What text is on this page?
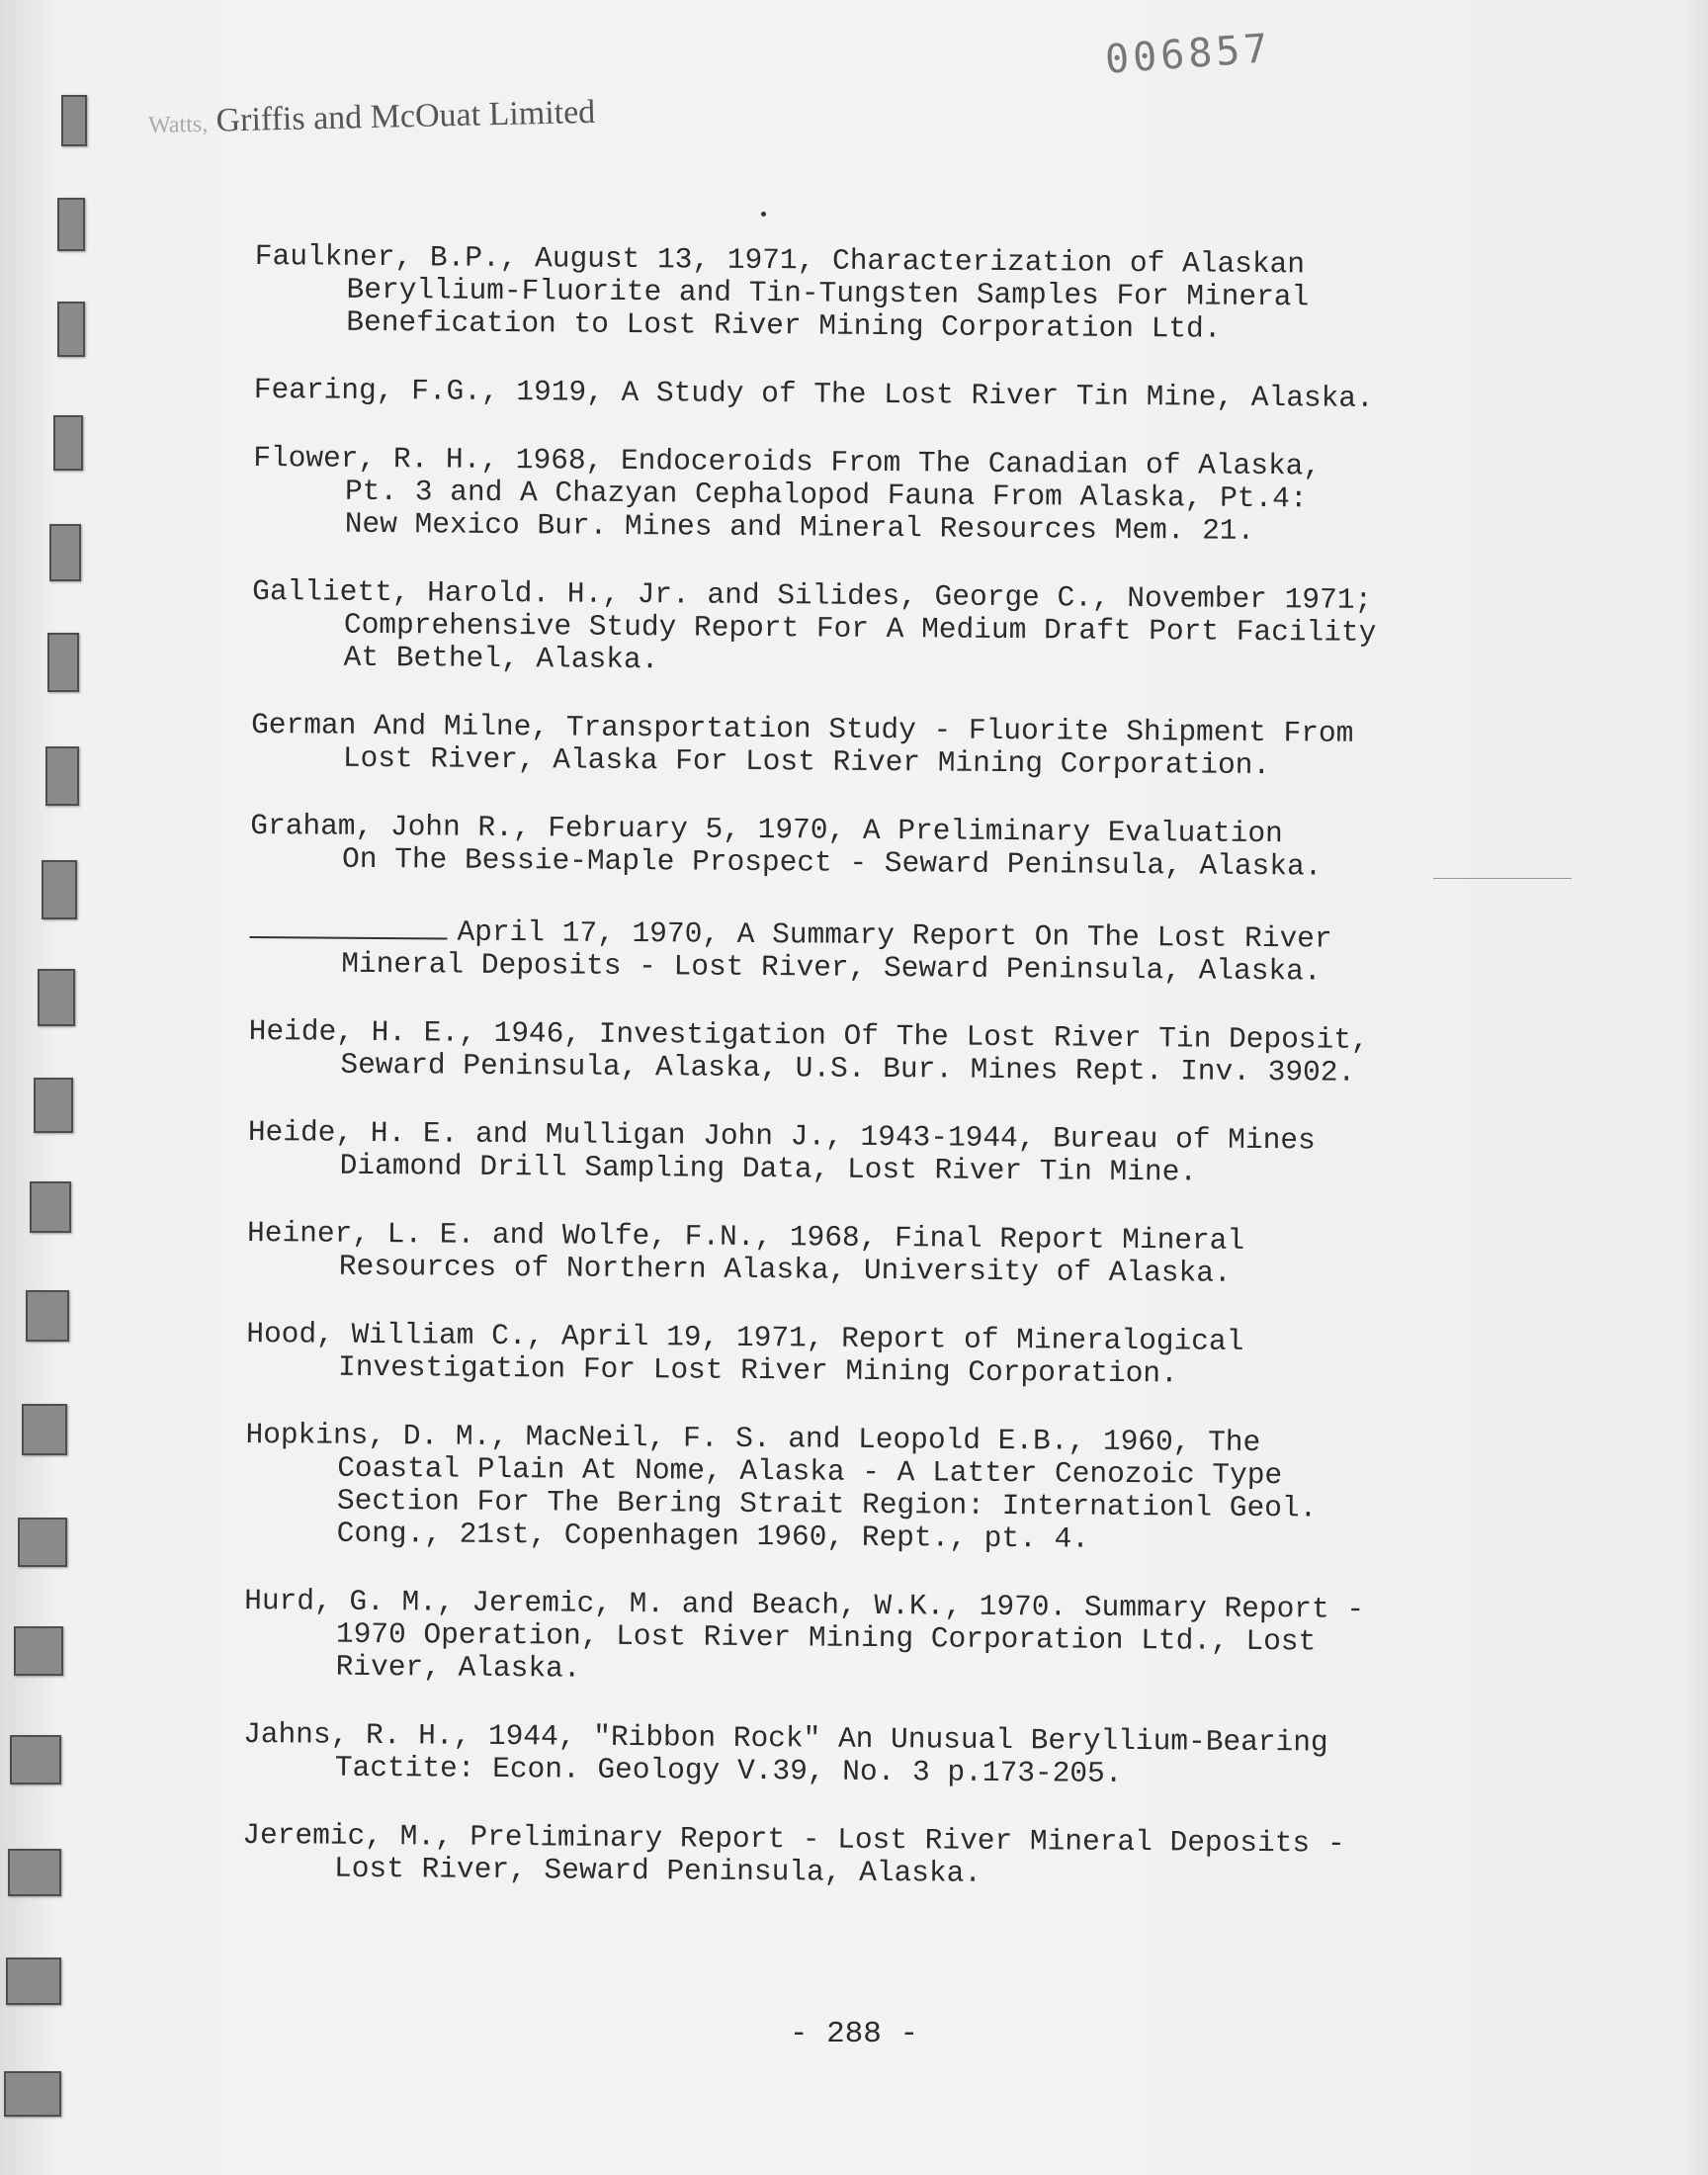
006857
Watts, Griffis and McOuat Limited
Faulkner, B.P., August 13, 1971, Characterization of Alaskan
Beryllium-Fluorite and Tin-Tungsten Samples For Mineral
Benefication to Lost River Mining Corporation Ltd.
Fearing, F.G., 1919, A Study of The Lost River Tin Mine, Alaska.
Flower, R. H., 1968, Endoceroids From The Canadian of Alaska,
Pt. 3 and A Chazyan Cephalopod Fauna From Alaska, Pt.4:
New Mexico Bur. Mines and Mineral Resources Mem. 21.
Galliett, Harold. H., Jr. and Silides, George C., November 1971;
Comprehensive Study Report For A Medium Draft Port Facility
At Bethel, Alaska.
German And Milne, Transportation Study - Fluorite Shipment From
Lost River, Alaska For Lost River Mining Corporation.
Graham, John R., February 5, 1970, A Preliminary Evaluation
On The Bessie-Maple Prospect - Seward Peninsula, Alaska.
April 17, 1970, A Summary Report On The Lost River
Mineral Deposits - Lost River, Seward Peninsula, Alaska.
Heide, H. E., 1946, Investigation Of The Lost River Tin Deposit,
Seward Peninsula, Alaska, U.S. Bur. Mines Rept. Inv. 3902.
Heide, H. E. and Mulligan John J., 1943-1944, Bureau of Mines
Diamond Drill Sampling Data, Lost River Tin Mine.
Heiner, L. E. and Wolfe, F.N., 1968, Final Report Mineral
Resources of Northern Alaska, University of Alaska.
Hood, William C., April 19, 1971, Report of Mineralogical
Investigation For Lost River Mining Corporation.
Hopkins, D. M., MacNeil, F. S. and Leopold E.B., 1960, The
Coastal Plain At Nome, Alaska - A Latter Cenozoic Type
Section For The Bering Strait Region: Internationl Geol.
Cong., 21st, Copenhagen 1960, Rept., pt. 4.
Hurd, G. M., Jeremic, M. and Beach, W.K., 1970. Summary Report -
1970 Operation, Lost River Mining Corporation Ltd., Lost
River, Alaska.
Jahns, R. H., 1944, "Ribbon Rock" An Unusual Beryllium-Bearing
Tactite: Econ. Geology V.39, No. 3 p.173-205.
Jeremic, M., Preliminary Report - Lost River Mineral Deposits -
Lost River, Seward Peninsula, Alaska.
- 288 -
